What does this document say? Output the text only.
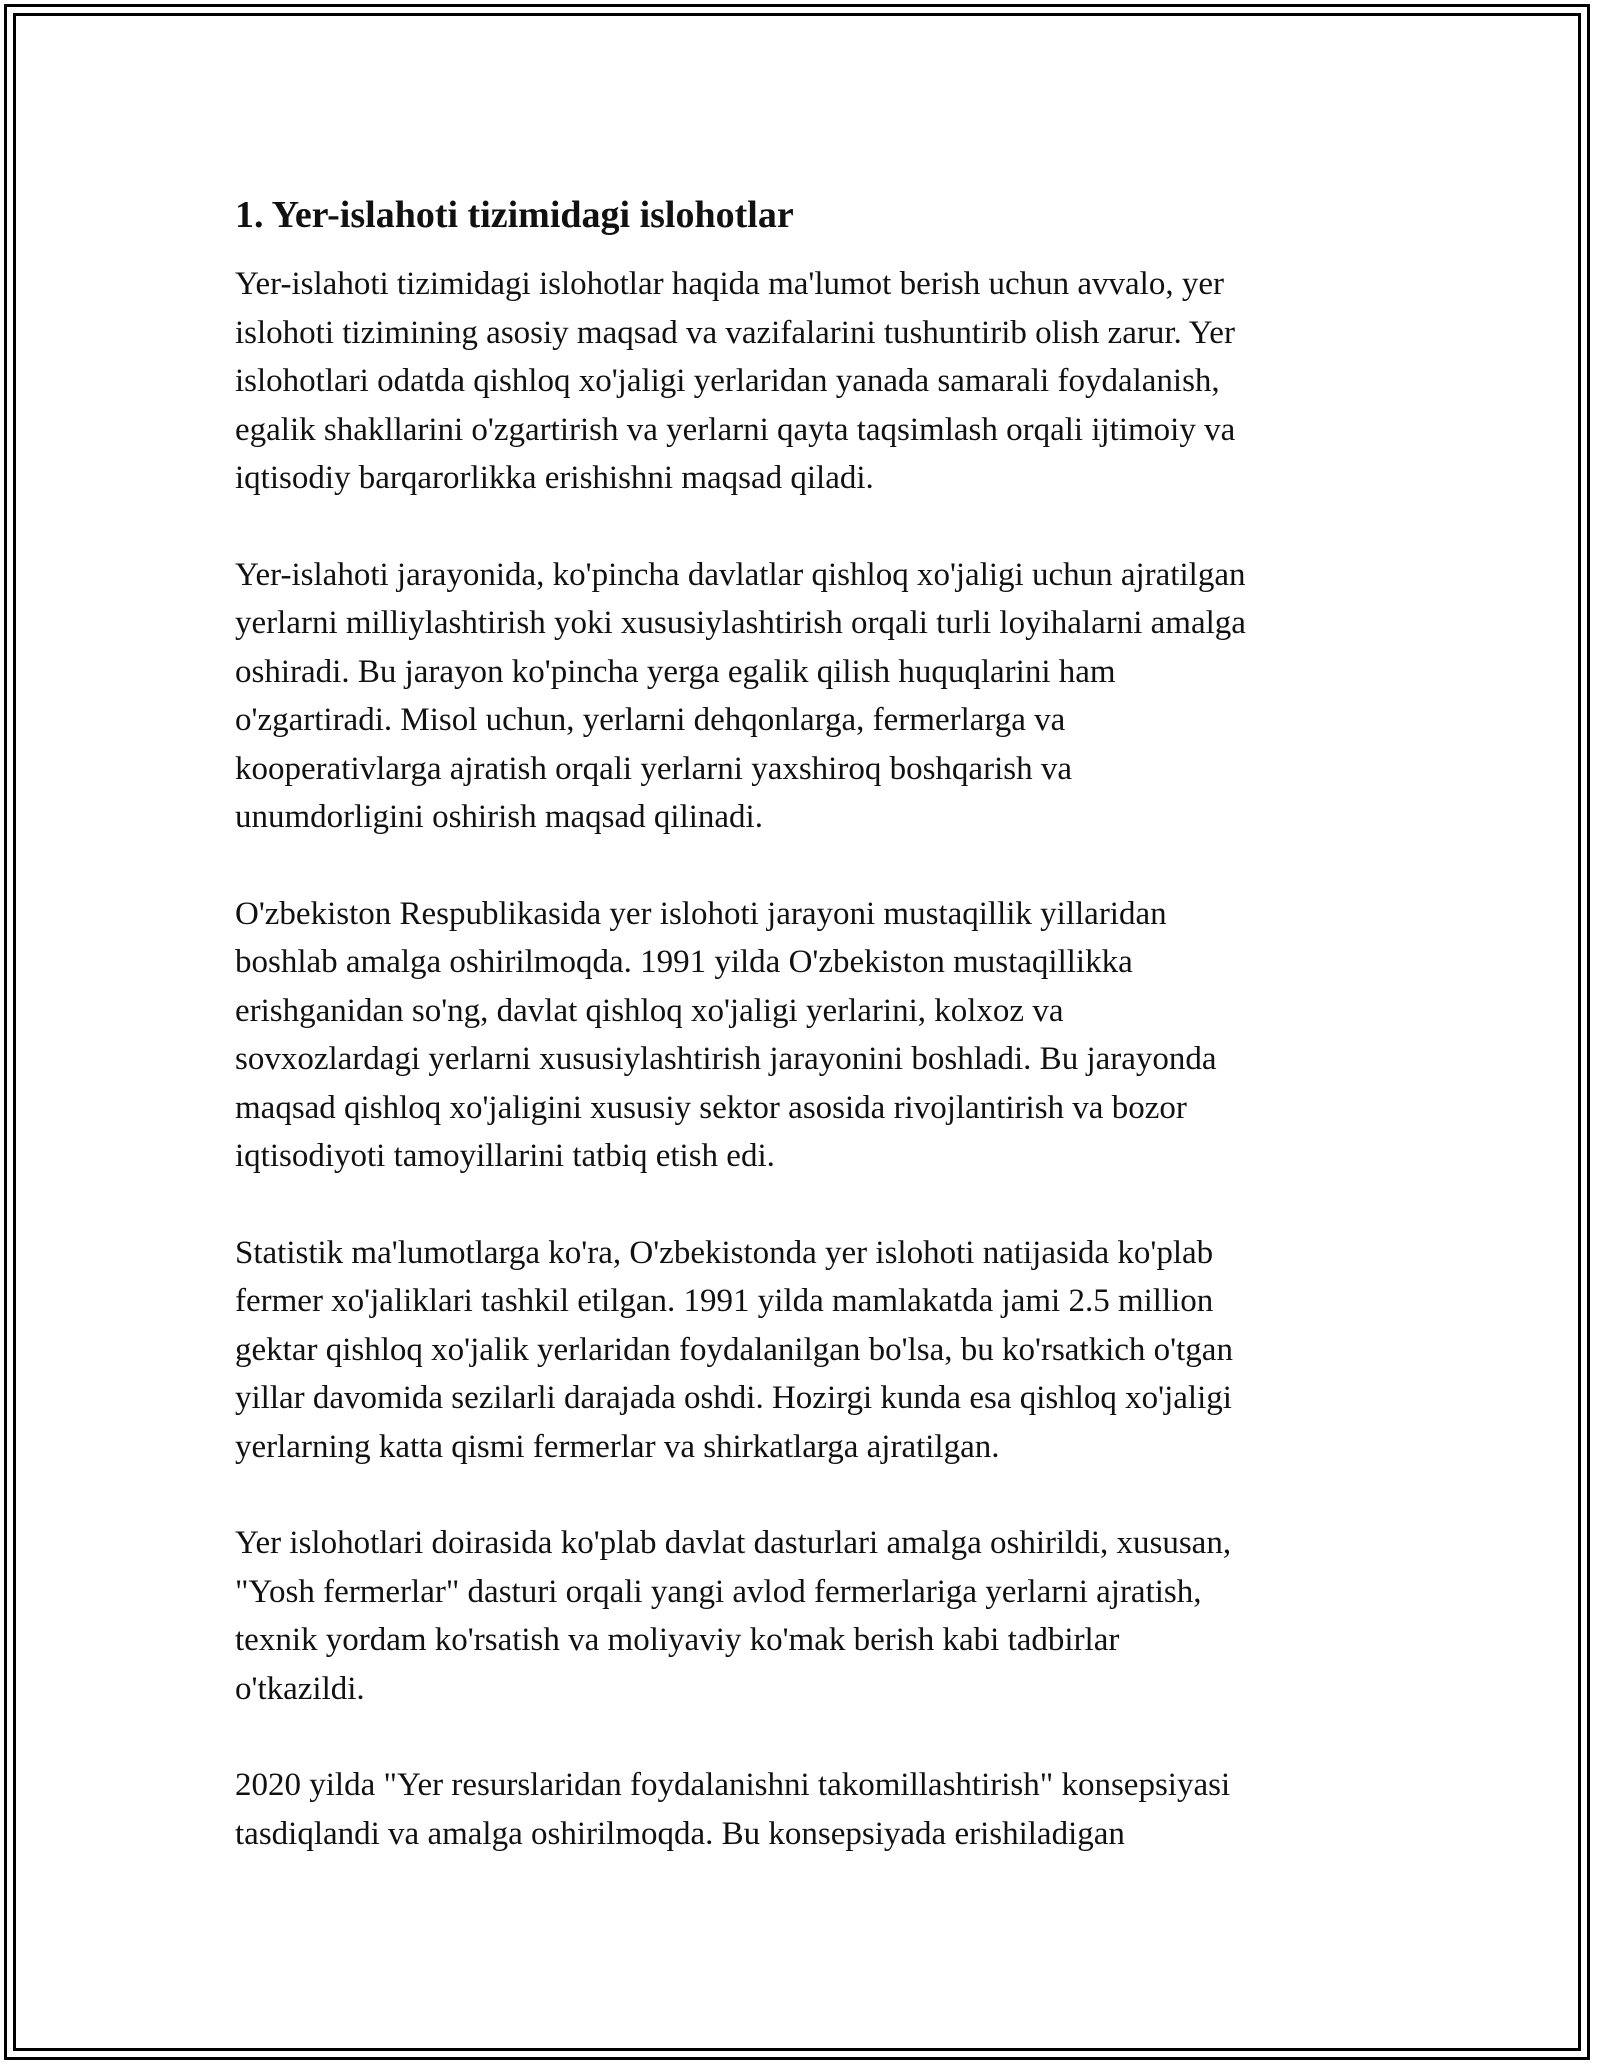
1. Yer-islahoti tizimidagi islohotlar

Yer-islahoti tizimidagi islohotlar haqida ma'lumot berish uchun avvalo, yer
islohoti tizimining asosiy maqsad va vazifalarini tushuntirib olish zarur. Yer
islohotlari odatda qishloq xo'jaligi yerlaridan yanada samarali foydalanish,
egalik shakllarini o'zgartirish va yerlarni qayta taqsimlash orqali ijtimoiy va
iqtisodiy barqarorlikka erishishni maqsad qiladi.

Yer-islahoti jarayonida, ko'pincha davlatlar qishloq xo'jaligi uchun ajratilgan
yerlarni milliylashtirish yoki xususiylashtirish orqali turli loyihalarni amalga
oshiradi. Bu jarayon ko'pincha yerga egalik qilish huquqlarini ham
o'zgartiradi. Misol uchun, yerlarni dehqonlarga, fermerlarga va
kooperativlarga ajratish orqali yerlarni yaxshiroq boshqarish va
unumdorligini oshirish maqsad qilinadi.

O'zbekiston Respublikasida yer islohoti jarayoni mustaqillik yillaridan
boshlab amalga oshirilmoqda. 1991 yilda O'zbekiston mustaqillikka
erishganidan so'ng, davlat qishloq xo'jaligi yerlarini, kolxoz va
sovxozlardagi yerlarni xususiylashtirish jarayonini boshladi. Bu jarayonda
maqsad qishloq xo'jaligini xususiy sektor asosida rivojlantirish va bozor
iqtisodiyoti tamoyillarini tatbiq etish edi.

Statistik ma'lumotlarga ko'ra, O'zbekistonda yer islohoti natijasida ko'plab
fermer xo'jaliklari tashkil etilgan. 1991 yilda mamlakatda jami 2.5 million
gektar qishloq xo'jalik yerlaridan foydalanilgan bo'lsa, bu ko'rsatkich o'tgan
yillar davomida sezilarli darajada oshdi. Hozirgi kunda esa qishloq xo'jaligi
yerlarning katta qismi fermerlar va shirkatlarga ajratilgan.

Yer islohotlari doirasida ko'plab davlat dasturlari amalga oshirildi, xususan,
"Yosh fermerlar" dasturi orqali yangi avlod fermerlariga yerlarni ajratish,
texnik yordam ko'rsatish va moliyaviy ko'mak berish kabi tadbirlar
o'tkazildi.

2020 yilda "Yer resurslaridan foydalanishni takomillashtirish" konsepsiyasi
tasdiqlandi va amalga oshirilmoqda. Bu konsepsiyada erishiladigan
